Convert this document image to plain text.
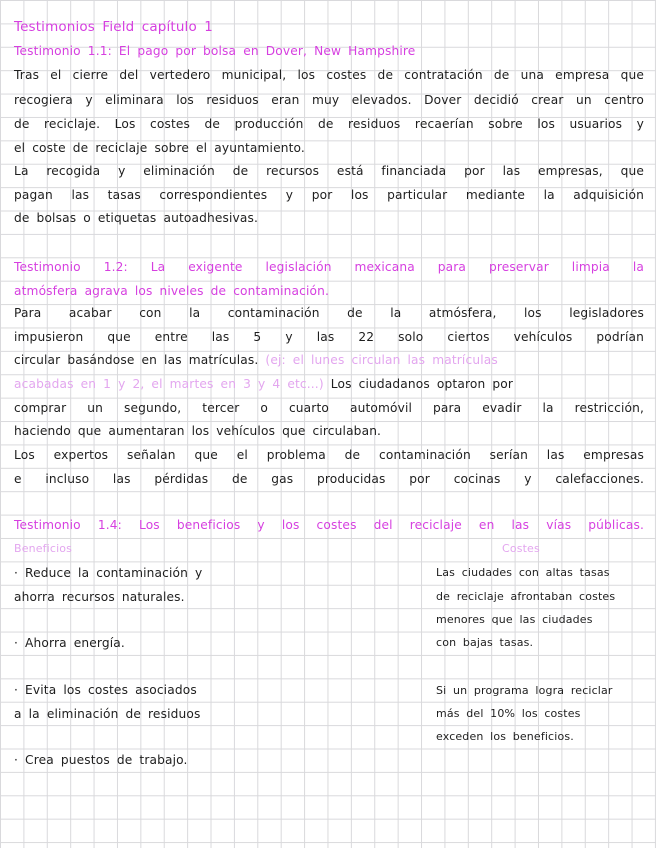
Testimonios Field capítulo 1
Testimonio 1.1: El pago por bolsa en Dover, New Hampshire
Tras el cierre del vertedero municipal, los costes de contratación de una empresa que
recogiera y eliminara los residuos eran muy elevados. Dover decidió crear un centro
de reciclaje. Los costes de producción de residuos recaerían sobre los usuarios y
el coste de reciclaje sobre el ayuntamiento.
La recogida y eliminación de recursos está financiada por las empresas, que
pagan las tasas correspondientes y por los particular mediante la adquisición
de bolsas o etiquetas autoadhesivas.
Testimonio 1.2: La exigente legislación mexicana para preservar limpia la
atmósfera agrava los niveles de contaminación.
Para acabar con la contaminación de la atmósfera, los legisladores
impusieron que entre las 5 y las 22 solo ciertos vehículos podrían
circular basándose en las matrículas. (ej: el lunes circulan las matrículas
acabadas en 1 y 2, el martes en 3 y 4 etc...) Los ciudadanos optaron por
comprar un segundo, tercer o cuarto automóvil para evadir la restricción,
haciendo que aumentaran los vehículos que circulaban.
Los expertos señalan que el problema de contaminación serían las empresas
e incluso las pérdidas de gas producidas por cocinas y calefacciones.
Testimonio 1.4: Los beneficios y los costes del reciclaje en las vías públicas.
Beneficios	Costes
· Reduce la contaminación y
ahorra recursos naturales.
· Ahorra energía.
· Evita los costes asociados
a la eliminación de residuos
· Crea puestos de trabajo.
Las ciudades con altas tasas
de reciclaje afrontaban costes
menores que las ciudades
con bajas tasas.
Si un programa logra reciclar
más del 10% los costes
exceden los beneficios.
